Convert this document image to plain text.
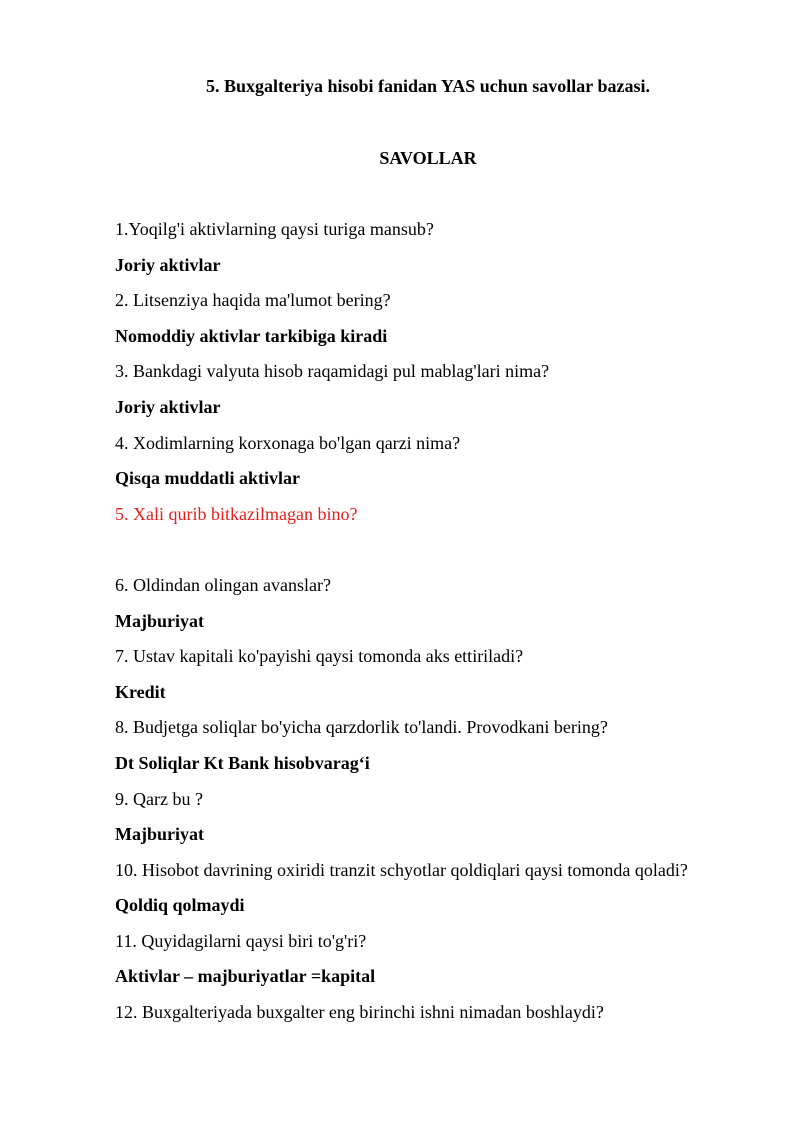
5. Buxgalteriya hisobi fanidan YAS uchun savollar bazasi.
SAVOLLAR
1.Yoqilg'i aktivlarning qaysi turiga mansub?
Joriy aktivlar
2. Litsenziya haqida ma'lumot bering?
Nomoddiy aktivlar tarkibiga kiradi
3. Bankdagi valyuta hisob raqamidagi pul mablag'lari nima?
Joriy aktivlar
4. Xodimlarning korxonaga bo'lgan qarzi nima?
Qisqa muddatli aktivlar
5. Xali qurib bitkazilmagan bino?
6. Oldindan olingan avanslar?
Majburiyat
7. Ustav kapitali ko'payishi qaysi tomonda aks ettiriladi?
Kredit
8. Budjetga soliqlar bo'yicha qarzdorlik to'landi. Provodkani bering?
Dt Soliqlar Kt Bank hisobvarag‘i
9. Qarz bu ?
Majburiyat
10. Hisobot davrining oxiridi tranzit schyotlar qoldiqlari qaysi tomonda qoladi?
Qoldiq qolmaydi
11. Quyidagilarni qaysi biri to'g'ri?
Aktivlar – majburiyatlar =kapital
12. Buxgalteriyada buxgalter eng birinchi ishni nimadan boshlaydi?
